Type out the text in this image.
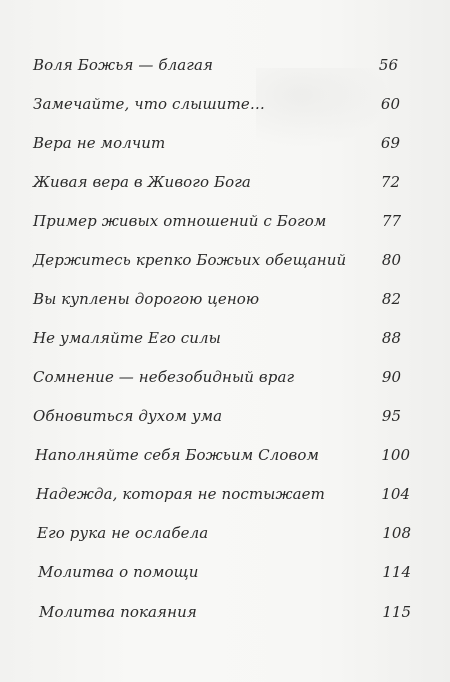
Воля Божья — благая	56
Замечайте, что слышите…	60
Вера не молчит	69
Живая вера в Живого Бога	72
Пример живых отношений с Богом	77
Держитесь крепко Божьих обещаний 80
Вы куплены дорогою ценою	82
Не умаляйте Его силы	88
Сомнение — небезобидный враг	90
Обновиться духом ума	95
Наполняйте себя Божьим Словом	100
Надежда, которая не постыжает	104
Его рука не ослабела	108
Молитва о помощи	114
Молитва покаяния	115
